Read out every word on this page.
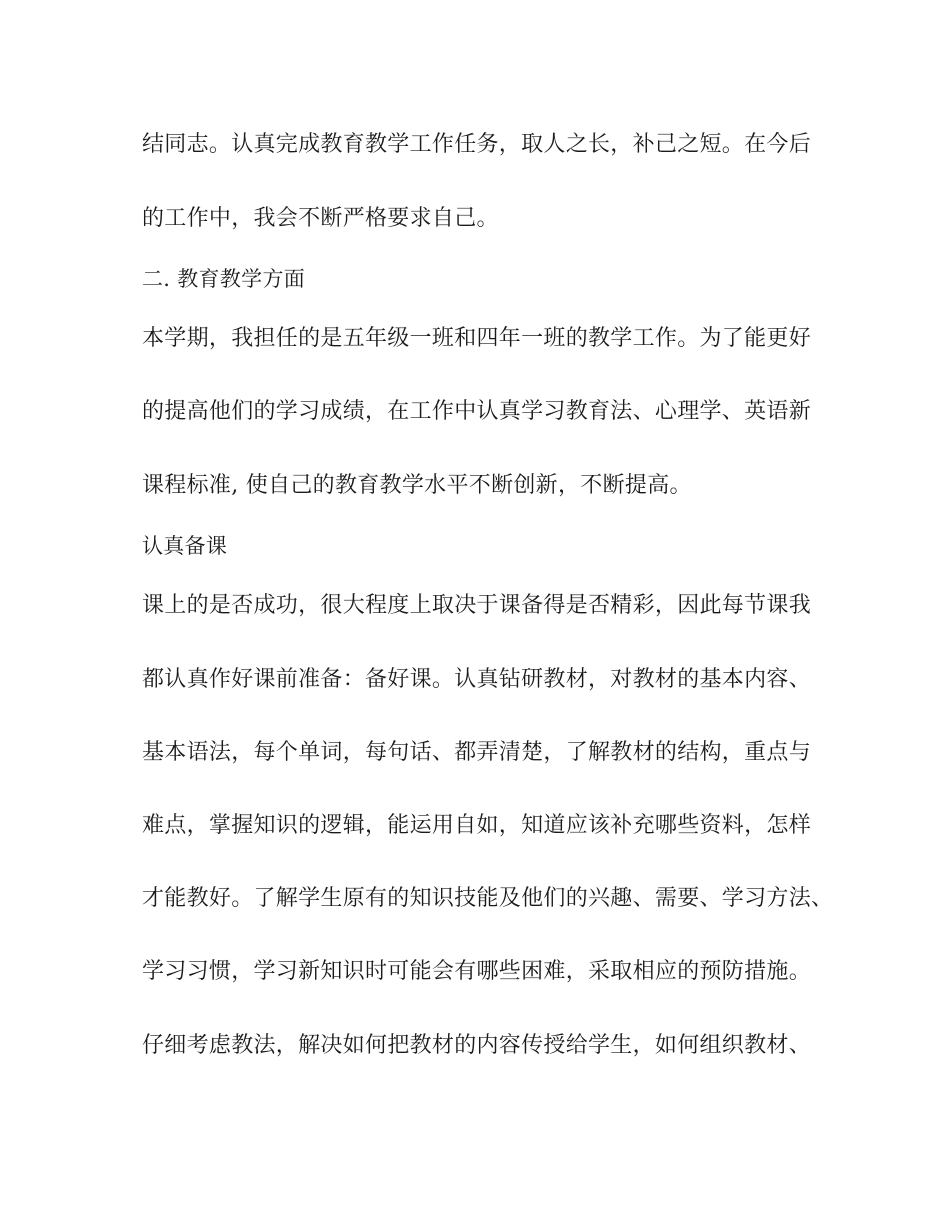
结同志。认真完成教育教学工作任务，取人之长，补己之短。在今后

的工作中，我会不断严格要求自己。

二. 教育教学方面

本学期，我担任的是五年级一班和四年一班的教学工作。为了能更好

的提高他们的学习成绩，在工作中认真学习教育法、心理学、英语新

课程标准, 使自己的教育教学水平不断创新，不断提高。

认真备课

课上的是否成功，很大程度上取决于课备得是否精彩，因此每节课我

都认真作好课前准备：备好课。认真钻研教材，对教材的基本内容、

基本语法，每个单词，每句话、都弄清楚，了解教材的结构，重点与

难点，掌握知识的逻辑，能运用自如，知道应该补充哪些资料，怎样

才能教好。了解学生原有的知识技能及他们的兴趣、需要、学习方法、

学习习惯，学习新知识时可能会有哪些困难，采取相应的预防措施。

仔细考虑教法，解决如何把教材的内容传授给学生，如何组织教材、
